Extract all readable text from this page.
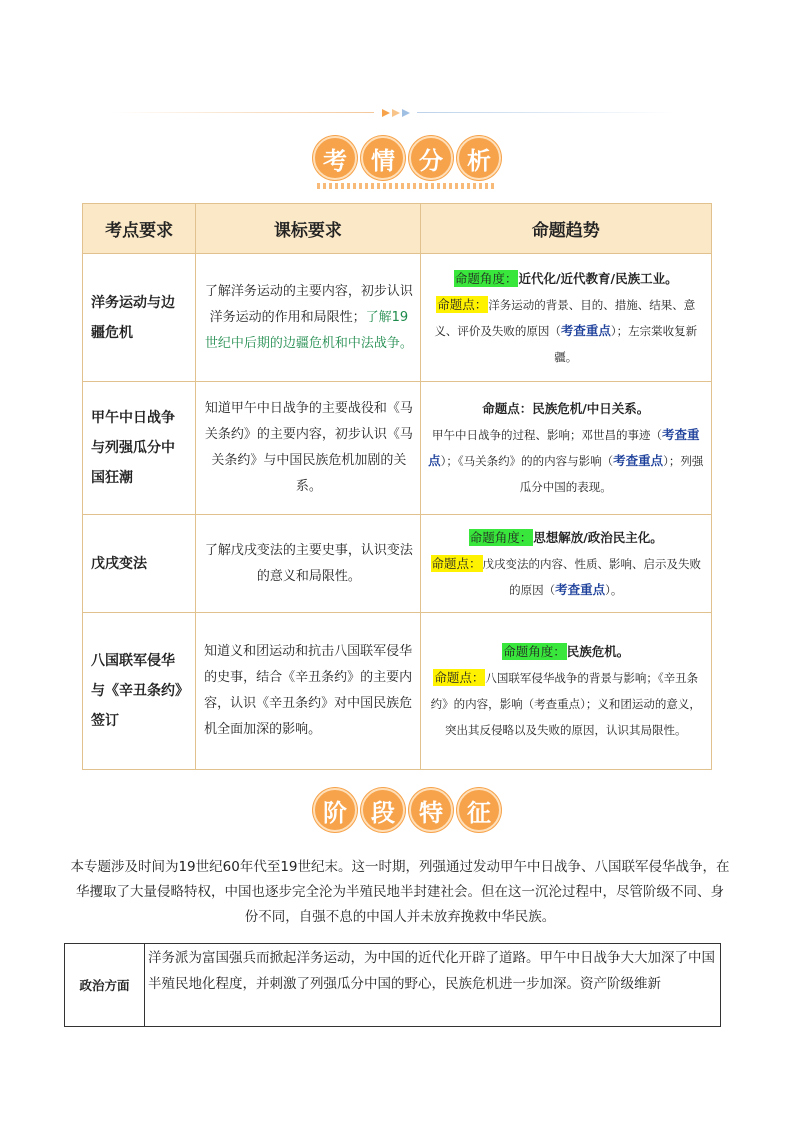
考	情	分	析
考点要求	课标要求	命题趋势
洋务运动与边疆危机	了解洋务运动的主要内容，初步认识洋务运动的作用和局限性；了解19世纪中后期的边疆危机和中法战争。	命题角度：近代化/近代教育/民族工业。
命题点：洋务运动的背景、目的、措施、结果、意义、评价及失败的原因（考查重点）；左宗棠收复新疆。

甲午中日战争与列强瓜分中国狂潮	知道甲午中日战争的主要战役和《马关条约》的主要内容，初步认识《马关条约》与中国民族危机加剧的关系。	命题点：民族危机/中日关系。
甲午中日战争的过程、影响；邓世昌的事迹（考查重点）；《马关条约》的的内容与影响（考查重点）；列强瓜分中国的表现。

戊戌变法	了解戊戌变法的主要史事，认识变法的意义和局限性。	命题角度：思想解放/政治民主化。
命题点：戊戌变法的内容、性质、影响、启示及失败的原因（考查重点）。

八国联军侵华与《辛丑条约》签订	知道义和团运动和抗击八国联军侵华的史事，结合《辛丑条约》的主要内容，认识《辛丑条约》对中国民族危机全面加深的影响。	命题角度：民族危机。
命题点：八国联军侵华战争的背景与影响；《辛丑条约》的内容，影响（考查重点）；义和团运动的意义，突出其反侵略以及失败的原因，认识其局限性。
阶	段	特	征
本专题涉及时间为19世纪60年代至19世纪末。这一时期，列强通过发动甲午中日战争、八国联军侵华战争，在华攫取了大量侵略特权，中国也逐步完全沦为半殖民地半封建社会。但在这一沉沦过程中，尽管阶级不同、身份不同，自强不息的中国人并未放弃挽救中华民族。
政治方面	洋务派为富国强兵而掀起洋务运动，为中国的近代化开辟了道路。甲午中日战争大大加深了中国半殖民地化程度，并刺激了列强瓜分中国的野心，民族危机进一步加深。资产阶级维新
